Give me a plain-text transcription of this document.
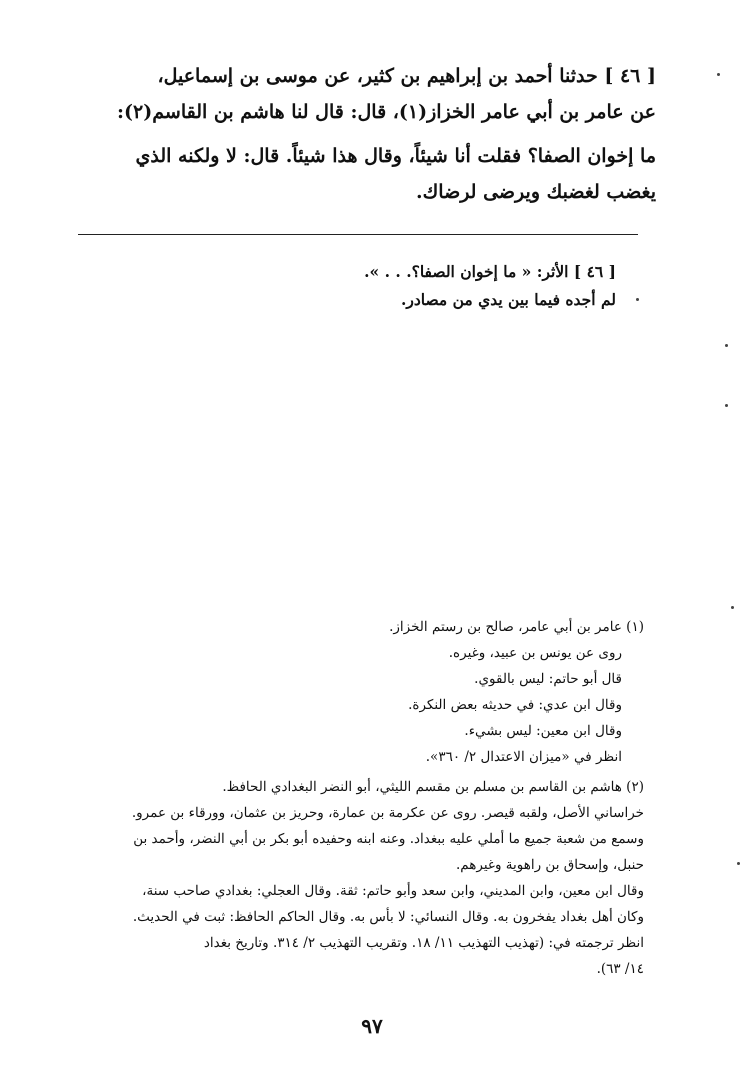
[ ٤٦ ] حدثنا أحمد بن إبراهيم بن كثير، عن موسى بن إسماعيل،
عن عامر بن أبي عامر الخزاز(١)، قال: قال لنا هاشم بن القاسم(٢):
ما إخوان الصفا؟ فقلت أنا شيئاً، وقال هذا شيئاً. قال: لا ولكنه الذي
يغضب لغضبك ويرضى لرضاك.
[ ٤٦ ] الأثر: « ما إخوان الصفا؟. . . ».
لم أجده فيما بين يدي من مصادر.
(١) عامر بن أبي عامر، صالح بن رستم الخزاز.
روى عن يونس بن عبيد، وغيره.
قال أبو حاتم: ليس بالقوي.
وقال ابن عدي: في حديثه بعض النكرة.
وقال ابن معين: ليس بشيء.
انظر في «ميزان الاعتدال ٢/ ٣٦٠».
(٢) هاشم بن القاسم بن مسلم بن مقسم الليثي، أبو النضر البغدادي الحافظ.
خراساني الأصل، ولقبه قيصر. روى عن عكرمة بن عمارة، وحريز بن عثمان، وورقاء بن عمرو.
وسمع من شعبة جميع ما أملي عليه ببغداد. وعنه ابنه وحفيده أبو بكر بن أبي النضر، وأحمد بن
حنبل، وإسحاق بن راهوية وغيرهم.
وقال ابن معين، وابن المديني، وابن سعد وأبو حاتم: ثقة. وقال العجلي: بغدادي صاحب سنة،
وكان أهل بغداد يفخرون به. وقال النسائي: لا بأس به. وقال الحاكم الحافظ: ثبت في الحديث.
انظر ترجمته في: (تهذيب التهذيب ١١/ ١٨. وتقريب التهذيب ٢/ ٣١٤. وتاريخ بغداد
١٤/ ٦٣).
٩٧
